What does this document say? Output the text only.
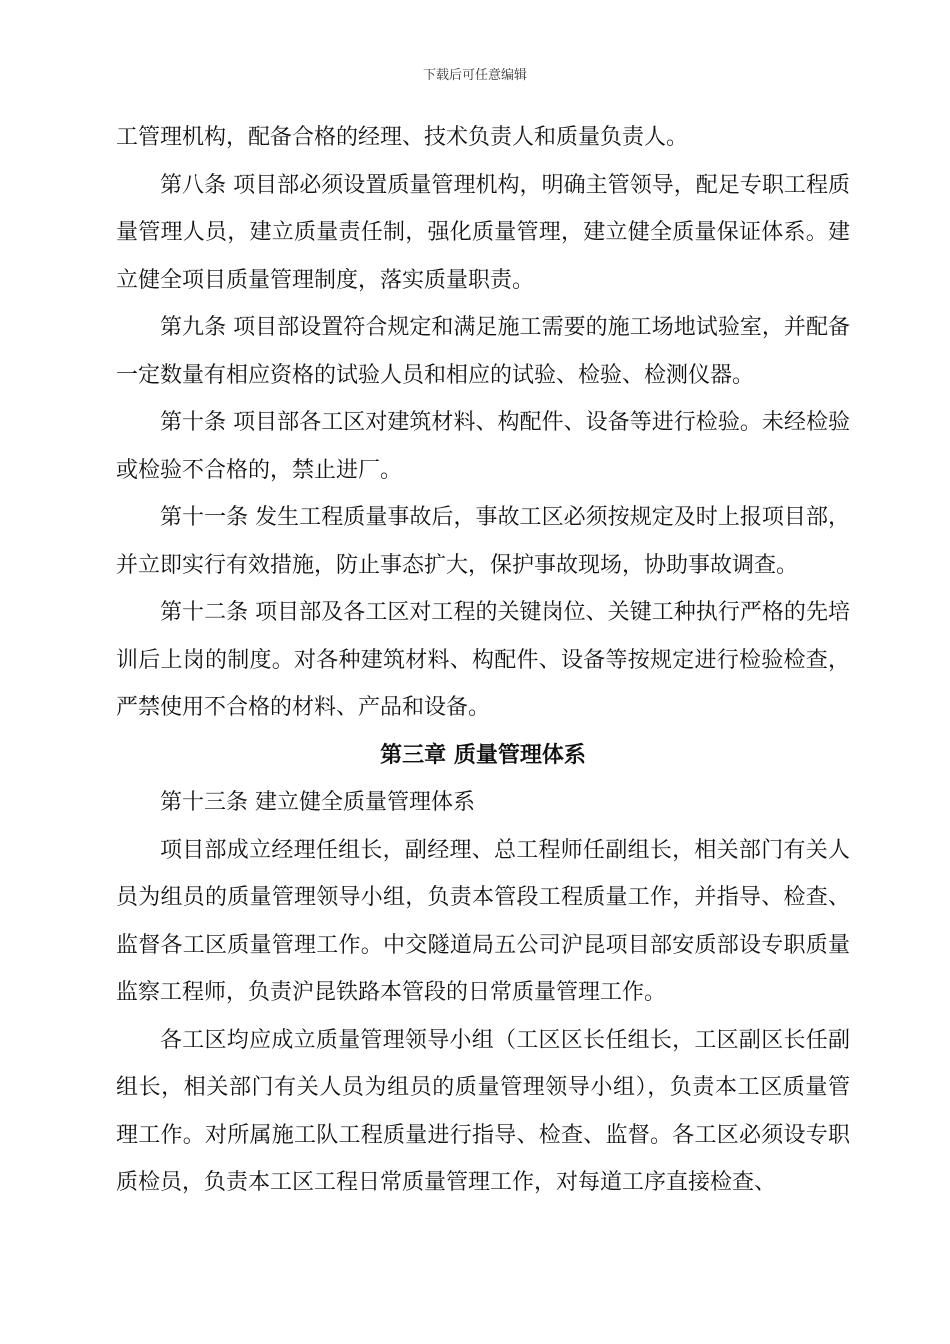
下载后可任意编辑

工管理机构，配备合格的经理、技术负责人和质量负责人。

第八条 项目部必须设置质量管理机构，明确主管领导，配足专职工程质量管理人员，建立质量责任制，强化质量管理，建立健全质量保证体系。建立健全项目质量管理制度，落实质量职责。

第九条 项目部设置符合规定和满足施工需要的施工场地试验室，并配备一定数量有相应资格的试验人员和相应的试验、检验、检测仪器。

第十条 项目部各工区对建筑材料、构配件、设备等进行检验。未经检验或检验不合格的，禁止进厂。

第十一条 发生工程质量事故后，事故工区必须按规定及时上报项目部，并立即实行有效措施，防止事态扩大，保护事故现场，协助事故调查。

第十二条 项目部及各工区对工程的关键岗位、关键工种执行严格的先培训后上岗的制度。对各种建筑材料、构配件、设备等按规定进行检验检查，严禁使用不合格的材料、产品和设备。

第三章 质量管理体系

第十三条 建立健全质量管理体系

项目部成立经理任组长，副经理、总工程师任副组长，相关部门有关人员为组员的质量管理领导小组，负责本管段工程质量工作，并指导、检查、监督各工区质量管理工作。中交隧道局五公司沪昆项目部安质部设专职质量监察工程师，负责沪昆铁路本管段的日常质量管理工作。

各工区均应成立质量管理领导小组（工区区长任组长，工区副区长任副组长，相关部门有关人员为组员的质量管理领导小组），负责本工区质量管理工作。对所属施工队工程质量进行指导、检查、监督。各工区必须设专职质检员，负责本工区工程日常质量管理工作，对每道工序直接检查、
